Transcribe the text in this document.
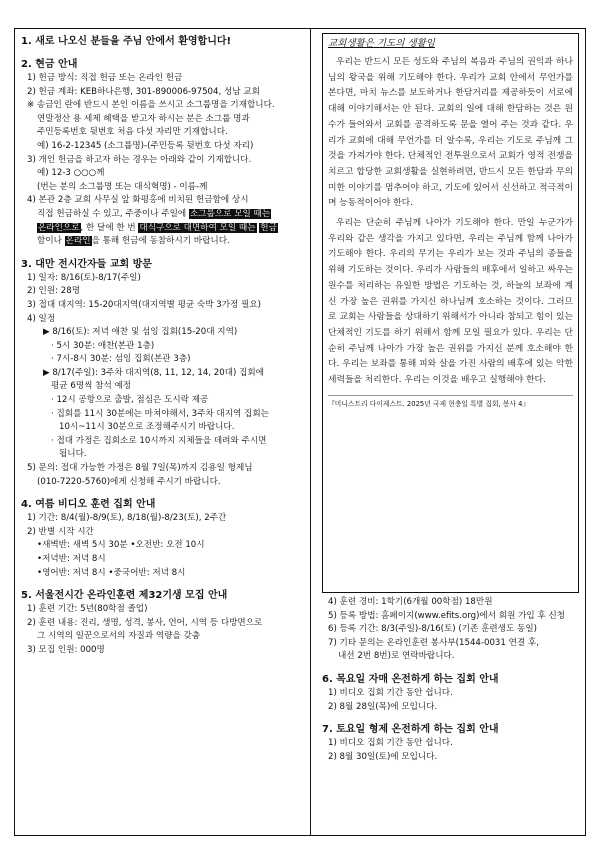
1. 새로 나오신 분들을 주님 안에서 환영합니다!
2. 현금 안내
1) 헌금 방식: 직접 헌금 또는 온라인 헌금
2) 헌금 계좌: KEB하나은행, 301-890006-97504, 성남 교회
※ 송금인 란에 반드시 본인 이름을 쓰시고 소그룹명을 기재합니다.
연말정산 용 세제 혜택을 받고자 하시는 분은 소그룹 명과
주민등록번호 뒷번호 처음 다섯 자리만 기재합니다.
예) 16-2-12345 (소그룹명)-(주민등록 뒷번호 다섯 자리)
3) 개인 헌금을 하고자 하는 경우는 아래와 같이 기재합니다.
예) 12-3 ○○○께
(번는 분의 소그룹명 또는 대식혁명) - 이름-께
4) 본관 2층 교회 사무실 앞 화평홍에 비치된 헌금함에 상시
직접 헌금하실 수 있고, 주중이나 주일에 소그룹으로 모일 때는
온라인으로, 한 달에 한 번 대식구으로 대면하여 모일 때는 헌금
함이나 온라인을 통해 헌금에 동참하시기 바랍니다.
3. 대만 전시간자들 교회 방문
1) 일자: 8/16(토)-8/17(주일)
2) 인원: 28명
3) 접대 대지역: 15-20대지역(대지역별 평균 숙박 3가정 필요)
4) 일정
▶ 8/16(토): 저녁 애찬 및 섬잉 집회(15-20대 지역)
· 5시 30분: 애찬(본관 1층)
· 7시-8시 30분: 섬잉 집회(본관 3층)
▶ 8/17(주일): 3주차 대지역(8, 11, 12, 14, 20대) 집회에
평균 6명씩 참석 예정
· 12시 공항으로 출발, 점심은 도시락 제공
· 집회를 11시 30분에는 마쳐야해서, 3주차 대지역 집회는
10시~11시 30분으로 조정해주시기 바랍니다.
· 접대 가정은 집회소로 10시까지 지체들을 데려와 주시면
됩니다.
5) 문의: 접대 가능한 가정은 8월 7일(목)까지 김용일 형제님
(010-7220-5760)에게 신청해 주시기 바랍니다.
4. 여름 비디오 훈련 집회 안내
1) 기간: 8/4(월)-8/9(토), 8/18(월)-8/23(토), 2주간
2) 반별 시작 시간
•새벽반: 새벽 5시 30분 •오전반: 오전 10시
•저녁반: 저녁 8시
•영어반: 저녁 8시 •중국어반: 저녁 8시
5. 서울전시간 온라인훈련 제32기생 모집 안내
1) 훈련 기간: 5년(80학점 졸업)
2) 훈련 내용: 진리, 생명, 성격, 봉사, 언어, 시역 등 다방면으로
그 시역의 일꾼으로서의 자질과 역량을 갖춤
3) 모집 인원: 000명
교회생활은 기도의 생활임

우리는 반드시 모든 성도와 주님의 복음과 주님의 권익과 하나님의 왕국을 위해 기도해야 한다. 우리가 교회 안에서 무언가를 본다면, 마치 뉴스를 보도하거나 한담거리를 제공하듯이 서로에 대해 이야기해서는 안 된다. 교회의 일에 대해 한담하는 것은 원수가 들어와서 교회를 공격하도록 문을 열어 주는 것과 같다. 우리가 교회에 대해 무언가를 더 알수록, 우리는 기도로 주님께 그것을 가져가야 한다. 단체적인 전투원으로서 교회가 영적 전쟁을 치르고 합당한 교회생활을 실현하려면, 반드시 모든 한담과 무의미한 이야기를 멈추어야 하고, 기도에 있어서 신선하고 적극적이며 능동적이어야 한다.

우리는 단순히 주님께 나아가 기도해야 한다. 만일 누군가가 우리와 같은 생각을 가지고 있다면, 우리는 주님께 함께 나아가 기도해야 한다. 우리의 무기는 우리가 보는 것과 주님의 종들을 위해 기도하는 것이다. 우리가 사람들의 배후에서 일하고 싸우는 원수를 처리하는 유일한 방법은 기도하는 것, 하늘의 보좌에 계신 가장 높은 권위를 가지신 하나님께 호소하는 것이다. 그러므로 교회는 사람들을 상대하기 위해서가 아니라 참되고 힘이 있는 단체적인 기도를 하기 위해서 함께 모일 필요가 있다. 우리는 단순히 주님께 나아가 가장 높은 권위를 가지신 분께 호소해야 한다. 우리는 보좌를 통해 피와 살을 가진 사람의 배후에 있는 악한 세력들을 처리한다. 우리는 이것을 배우고 실행해야 한다.

『미니스트리 다이제스트. 2025년 국제 현충일 특별 집회, 봉사 4』
4) 훈련 경비: 1학기(6개월 00학점) 18만원
5) 등록 방법: 홈페이지(www.efits.org)에서 회원 가입 후 신청
6) 등록 기간: 8/3(주일)-8/16(토) (기존 훈련생도 동일)
7) 기타 문의는 온라인훈련 봉사부(1544-0031 연결 후,
내선 2번 8번)로 연락바랍니다.
6. 목요일 자매 온전하게 하는 집회 안내
1) 비디오 집회 기간 동안 쉽니다.
2) 8월 28일(목)에 모입니다.
7. 토요일 형제 온전하게 하는 집회 안내
1) 비디오 집회 기간 동안 쉽니다.
2) 8월 30일(토)에 모입니다.
